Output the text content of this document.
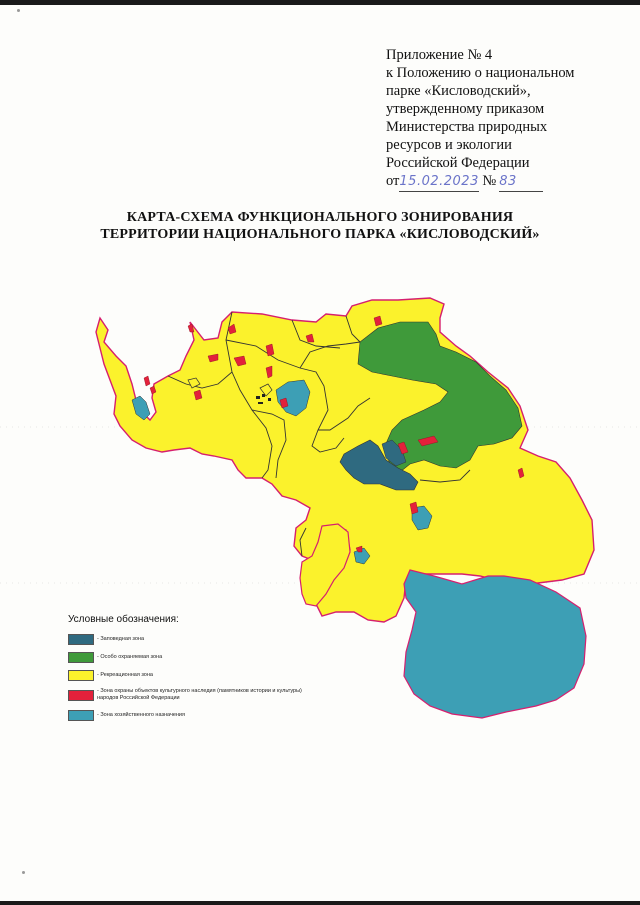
Приложение № 4
к Положению о национальном
парке «Кисловодский»,
утвержденному приказом
Министерства природных
ресурсов и экологии
Российской Федерации
от 15.02.2023 № 83
КАРТА-СХЕМА ФУНКЦИОНАЛЬНОГО ЗОНИРОВАНИЯ
ТЕРРИТОРИИ НАЦИОНАЛЬНОГО ПАРКА «КИСЛОВОДСКИЙ»
Условные обозначения:
- Заповедная зона
- Особо охраняемая зона
- Рекреационная зона
- Зона охраны объектов культурного наследия (памятников истории и культуры) народов Российской Федерации
- Зона хозяйственного назначения
